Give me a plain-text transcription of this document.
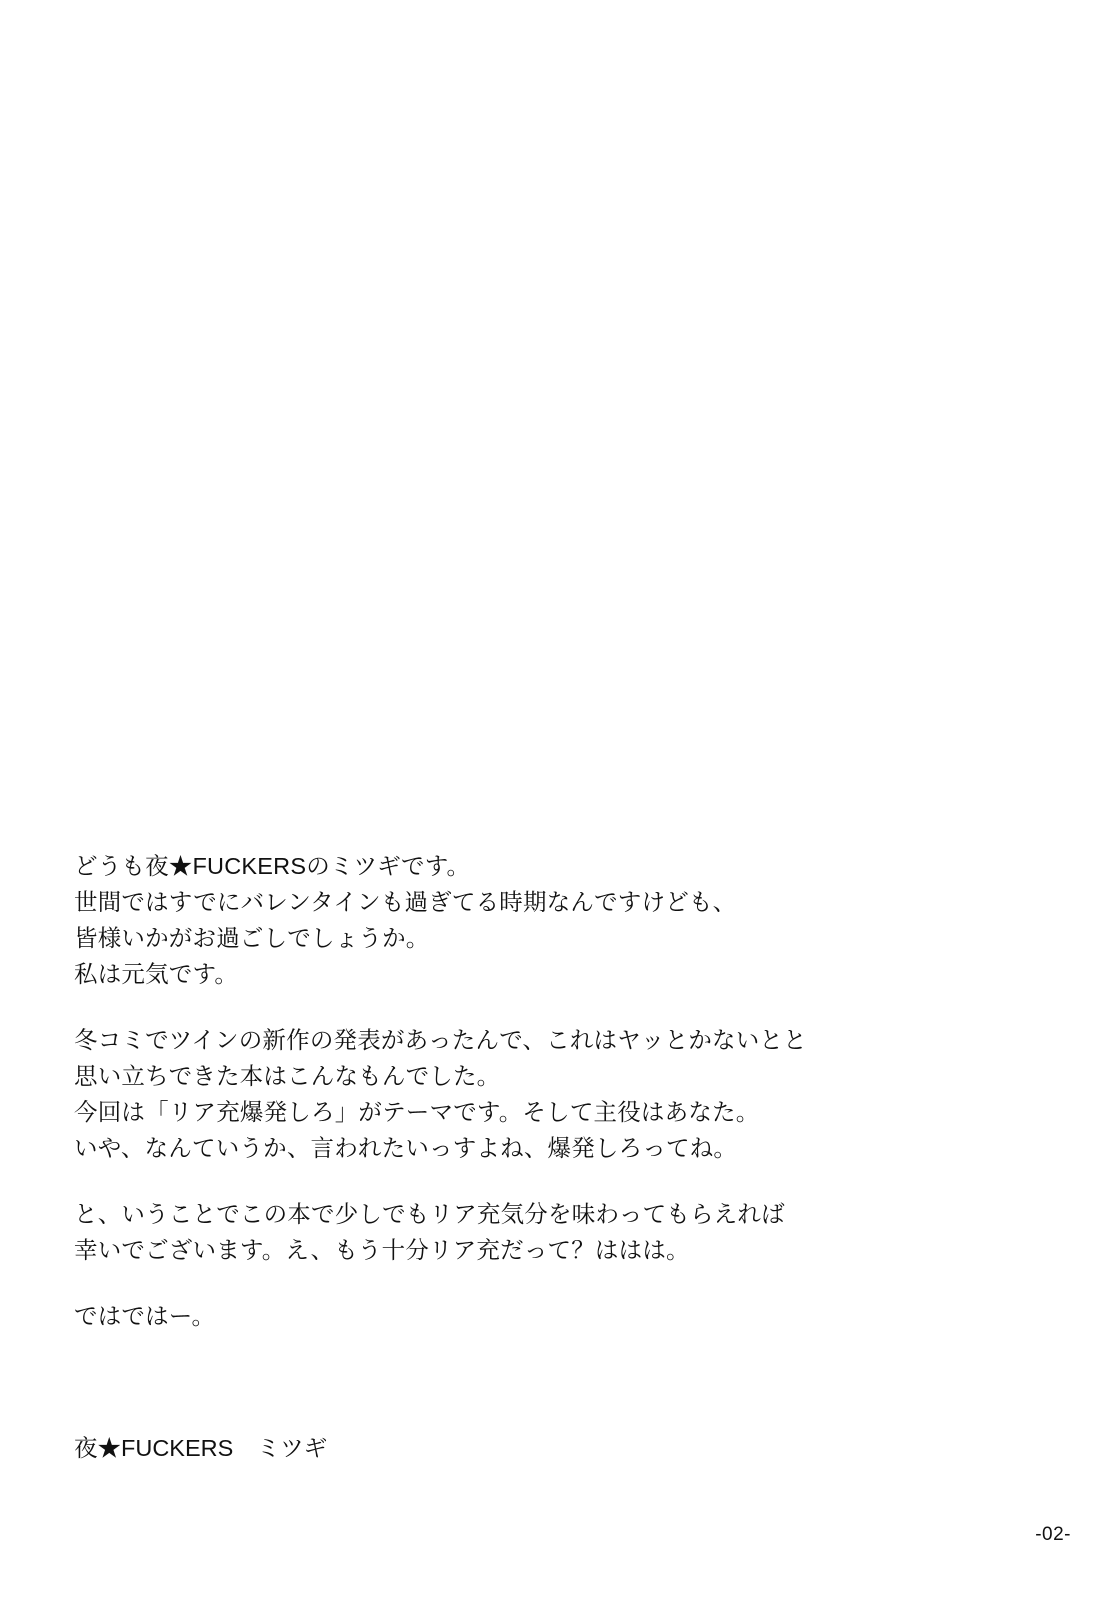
どうも夜★FUCKERSのミツギです。
世間ではすでにバレンタインも過ぎてる時期なんですけども、
皆様いかがお過ごしでしょうか。
私は元気です。
冬コミでツインの新作の発表があったんで、これはヤッとかないとと
思い立ちできた本はこんなもんでした。
今回は「リア充爆発しろ」がテーマです。そして主役はあなた。
いや、なんていうか、言われたいっすよね、爆発しろってね。
と、いうことでこの本で少しでもリア充気分を味わってもらえれば
幸いでございます。え、もう十分リア充だって？ははは。
ではではー。
夜★FUCKERS　ミツギ
-02-
